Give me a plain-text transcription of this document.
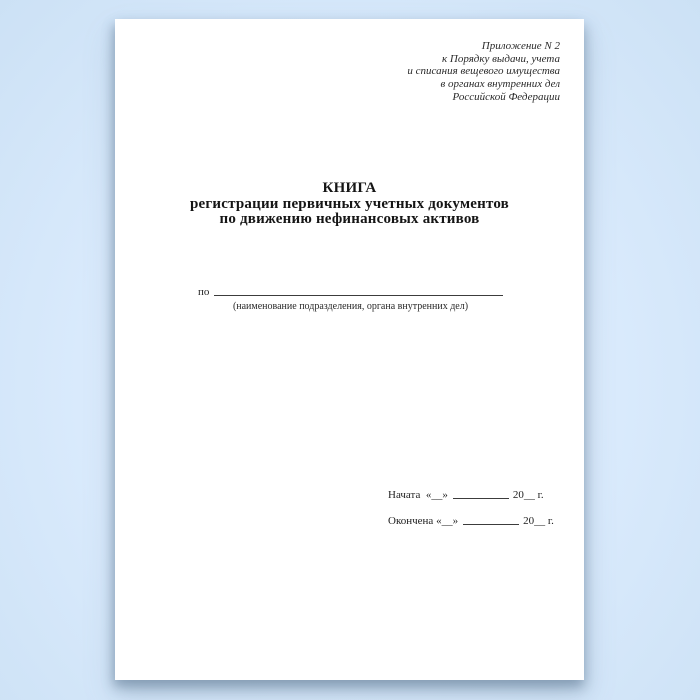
Приложение N 2
к Порядку выдачи, учета
и списания вещевого имущества
в органах внутренних дел
Российской Федерации
КНИГА
регистрации первичных учетных документов
по движению нефинансовых активов
по
(наименование подразделения, органа внутренних дел)
Начата «__»	20__ г.
Окончена «__»	20__ г.
